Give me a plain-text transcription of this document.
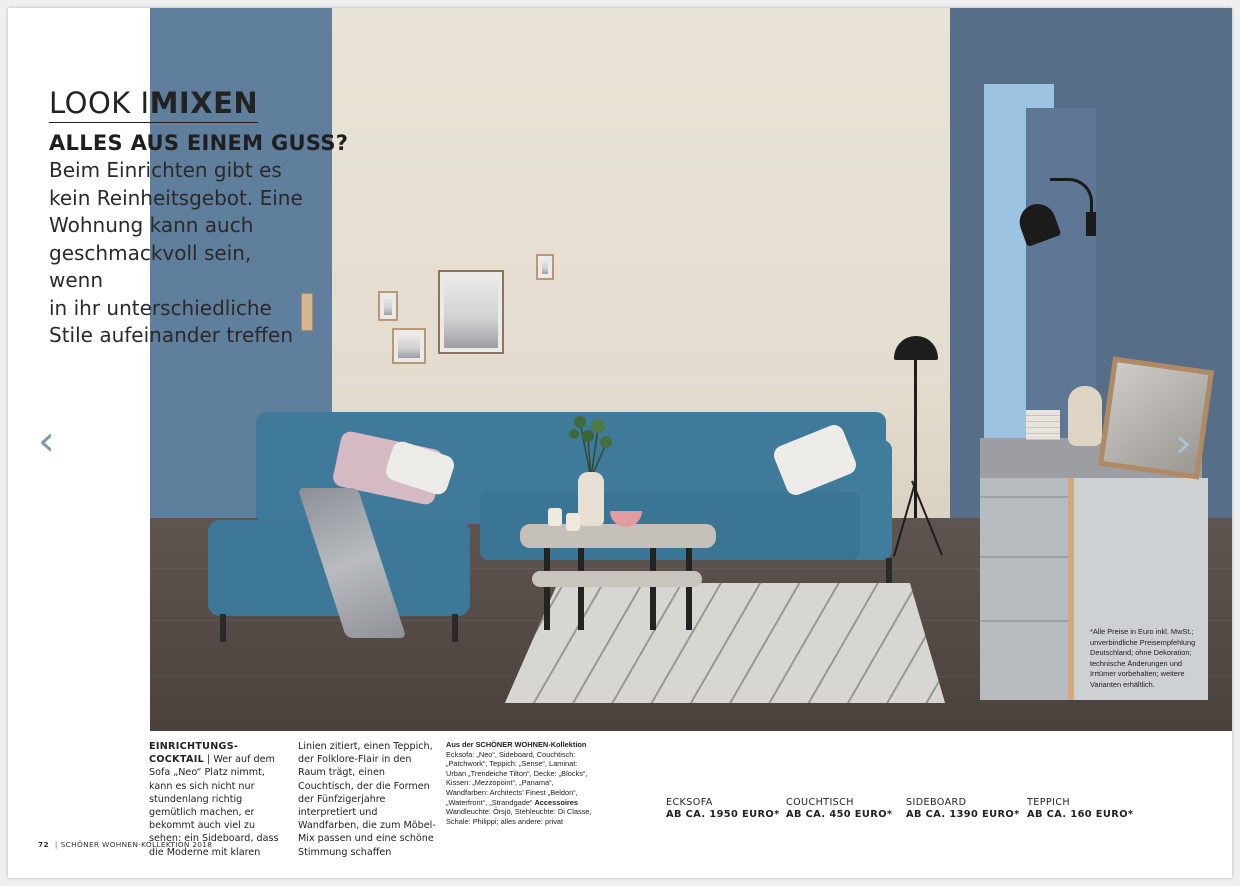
*Alle Preise in Euro inkl. MwSt.; unverbindliche Preisempfehlung Deutschland; ohne Dekoration; technische Änderungen und Irrtümer vorbehalten; weitere Varianten erhältlich.
LOOK IMIXEN
ALLES AUS EINEM GUSS?
Beim Einrichten gibt es
kein Reinheitsgebot. Eine
Wohnung kann auch
geschmackvoll sein, wenn
in ihr unterschiedliche
Stile aufeinander treffen
‹	›
EINRICHTUNGS-COCKTAIL | Wer auf dem Sofa „Neo“ Platz nimmt, kann es sich nicht nur stundenlang richtig gemütlich machen, er bekommt auch viel zu sehen: ein Sideboard, dass die Moderne mit klaren
Linien zitiert, einen Teppich, der Folklore-Flair in den Raum trägt, einen Couchtisch, der die Formen der Fünfzigerjahre interpretiert und Wandfarben, die zum Möbel-Mix passen und eine schöne Stimmung schaffen
Aus der SCHÖNER WOHNEN-Kollektion
Ecksofa: „Neo“, Sideboard, Couchtisch: „Patchwork“, Teppich: „Sense“, Laminat: Urban „Trendeiche Tilton“, Decke: „Blocks“, Kissen: „Mezzopoint“, „Panama“, Wandfarben: Architects’ Finest „Beldon“, „Waterfront“, „Strandgade“ Accessoires Wandleuchte: Örsjö, Stehleuchte: Di Classe, Schale: Philippi; alles andere: privat
ECKSOFA
AB CA. 1950 EURO*
COUCHTISCH
AB CA. 450 EURO*
SIDEBOARD
AB CA. 1390 EURO*
TEPPICH
AB CA. 160 EURO*
72 | SCHÖNER WOHNEN-KOLLEKTION 2018
